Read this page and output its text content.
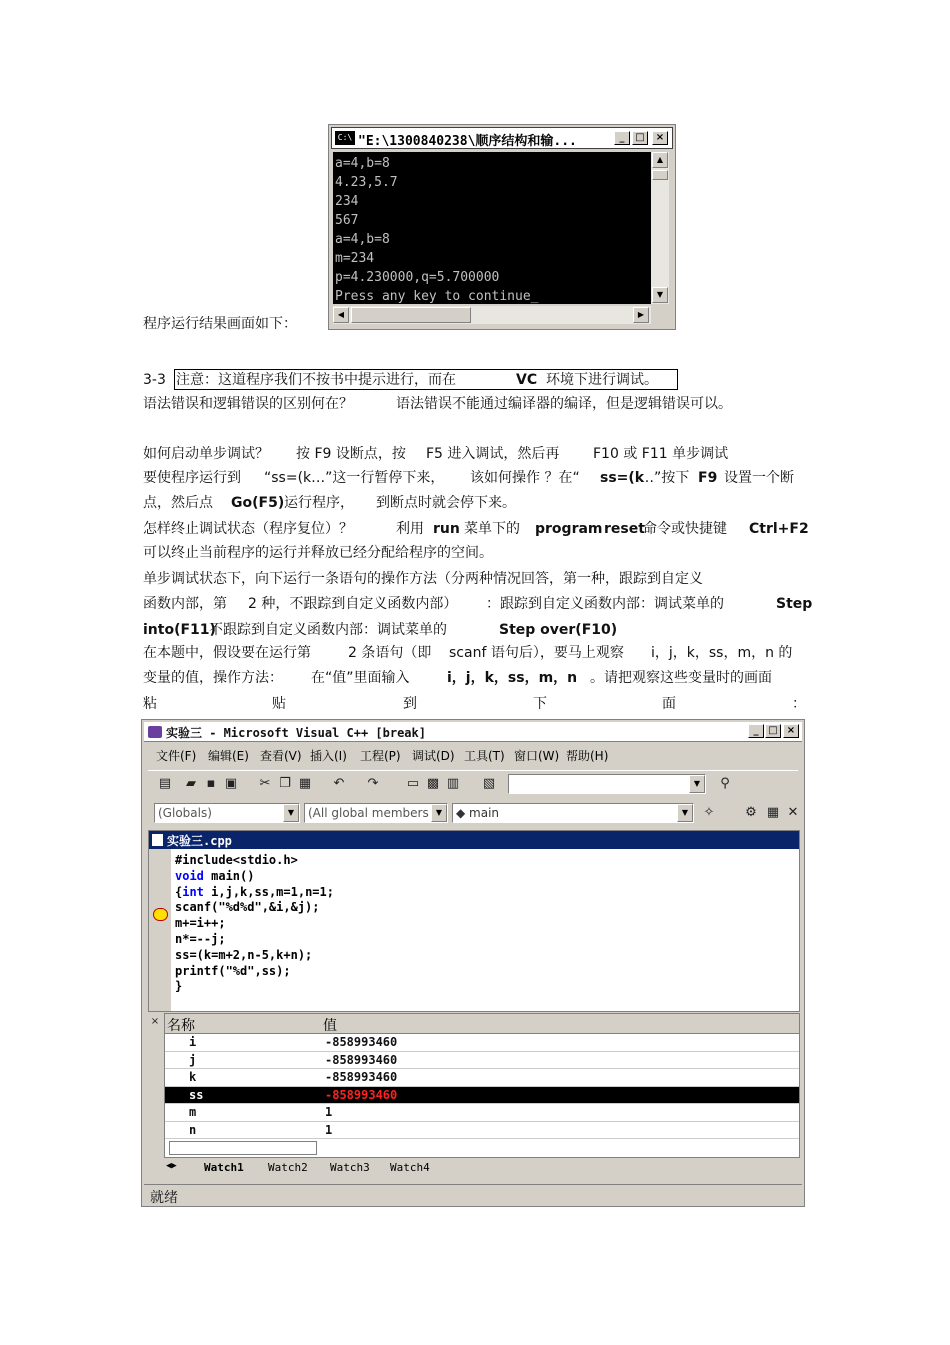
C:\ "E:\1300840238\顺序结构和输...	_	□	×
a=4,b=8
4.23,5.7
234
567
a=4,b=8
m=234
p=4.230000,q=5.700000
Press any key to continue_
▲
▼
◀	▶
程序运行结果画面如下：
3-3 注意：这道程序我们不按书中提示进行，而在	VC 环境下进行调试。
语法错误和逻辑错误的区别何在？	语法错误不能通过编译器的编译，但是逻辑错误可以。
如何启动单步调试？ 按 F9 设断点，按 F5 进入调试，然后再 F10 或 F11 单步调试
要使程序运行到 “ss=(k…”这一行暂停下来， 该如何操作 ？在“ ss=(k
…”按下 F9 设置一个断
点，然后点 Go(F5) 运行程序， 到断点时就会停下来。
怎样终止调试状态（程序复位）？	利用 run 菜单下的 program reset
命令或快捷键 Ctrl+F2
可以终止当前程序的运行并释放已经分配给程序的空间。
单步调试状态下，向下运行一条语句的操作方法（分两种情况回答，第一种，跟踪到自定义
函数内部，第 2 种，不跟踪到自定义函数内部） ：跟踪到自定义函数内部：调试菜单的	Step
into(F11)
不跟踪到自定义函数内部：调试菜单的	Step over(F10)
在本题中，假设要在运行第	2 条语句（即 scanf 语句后），要马上观察 i，j，k，ss，m，n 的
变量的值，操作方法： 在“值”里面输入	i，j，k，ss，m，n 。请把观察这些变量时的画面
粘	贴	到	下	面	：
实验三 - Microsoft Visual C++ [break]	_ □ ×
文件(F) 编辑(E) 查看(V) 插入(I) 工程(P) 调试(D) 工具(T) 窗口(W) 帮助(H)
▤	▰ ▪ ▣ ✂ ❐ ▦ ↶ ↷ ▭ ▩ ▥ ▧	▼	⚲
(Globals)	▼	(All global members ▼	◆ main	▼	✧ ⚙ ▦ ✕
实验三.cpp
#include<stdio.h>
void main()
{int i,j,k,ss,m=1,n=1;
scanf("%d%d",&i,&j);
m+=i++;
n*=--j;
ss=(k=m+2,n-5,k+n);
printf("%d",ss);
}
× 名称	值
i	-858993460
j	-858993460
k	-858993460
ss	-858993460
m	1
n	1
◀▶ Watch1 Watch2 Watch3 Watch4
就绪
